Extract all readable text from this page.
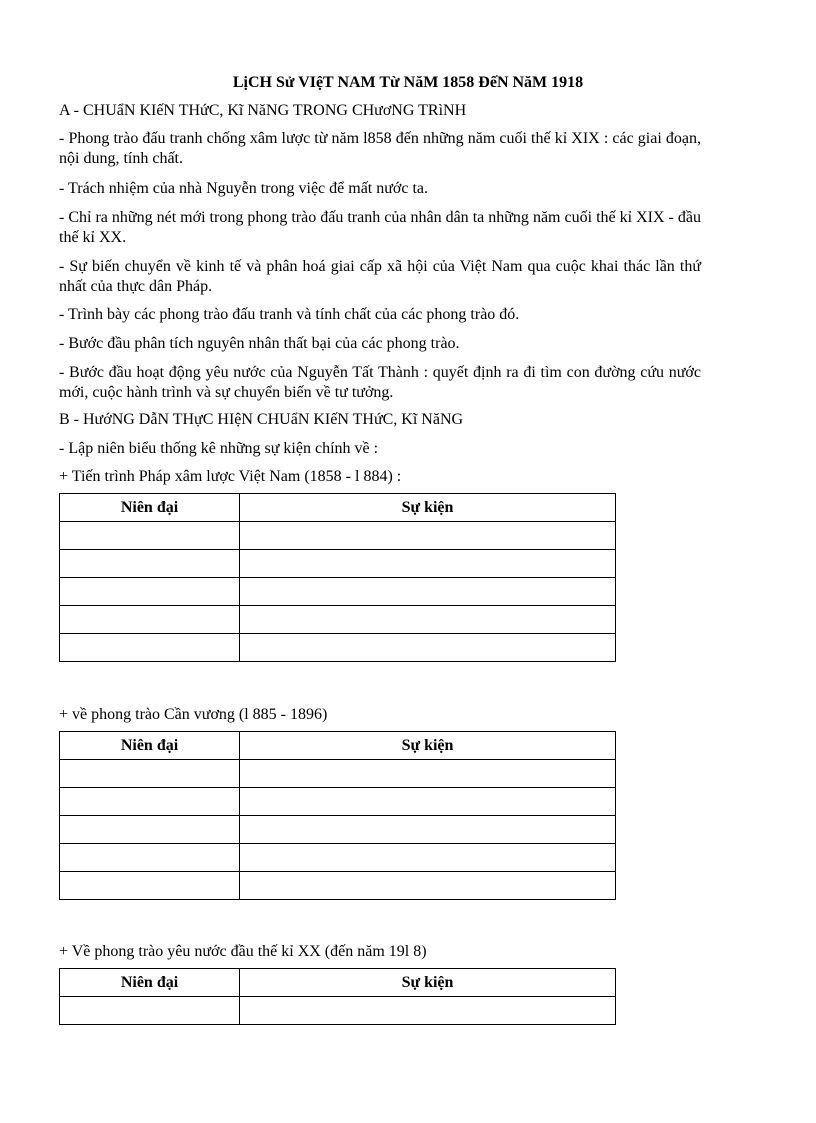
LịCH Sử VIệT NAM Từ NăM 1858 ĐếN NăM 1918
A - CHUẩN KIếN THứC, Kĩ NăNG TRONG CHươNG TRìNH
- Phong trào đấu tranh chống xâm lược từ năm l858 đến những năm cuối thế kỉ XIX : các giai đoạn, nội dung, tính chất.
- Trách nhiệm của nhà Nguyễn trong việc để mất nước ta.
- Chỉ ra những nét mới trong phong trào đấu tranh của nhân dân ta những năm cuối thế kỉ XIX - đầu thế kỉ XX.
- Sự biến chuyển về kinh tế và phân hoá giai cấp xã hội của Việt Nam qua cuộc khai thác lần thứ nhất của thực dân Pháp.
- Trình bày các phong trào đấu tranh và tính chất của các phong trào đó.
- Bước đầu phân tích nguyên nhân thất bại của các phong trào.
- Bước đầu hoạt động yêu nước của Nguyễn Tất Thành : quyết định ra đi tìm con đường cứu nước mới, cuộc hành trình và sự chuyển biến về tư tưởng.
B - HướNG DẫN THựC HIệN CHUẩN KIếN THứC, Kĩ NăNG
- Lập niên biểu thống kê những sự kiện chính về :
+ Tiến trình Pháp xâm lược Việt Nam (1858 - l 884) :
Niên đại	Sự kiện

+ về phong trào Cần vương (l 885 - 1896)
Niên đại	Sự kiện

+ Về phong trào yêu nước đầu thế kỉ XX (đến năm 19l 8)
Niên đại	Sự kiện
